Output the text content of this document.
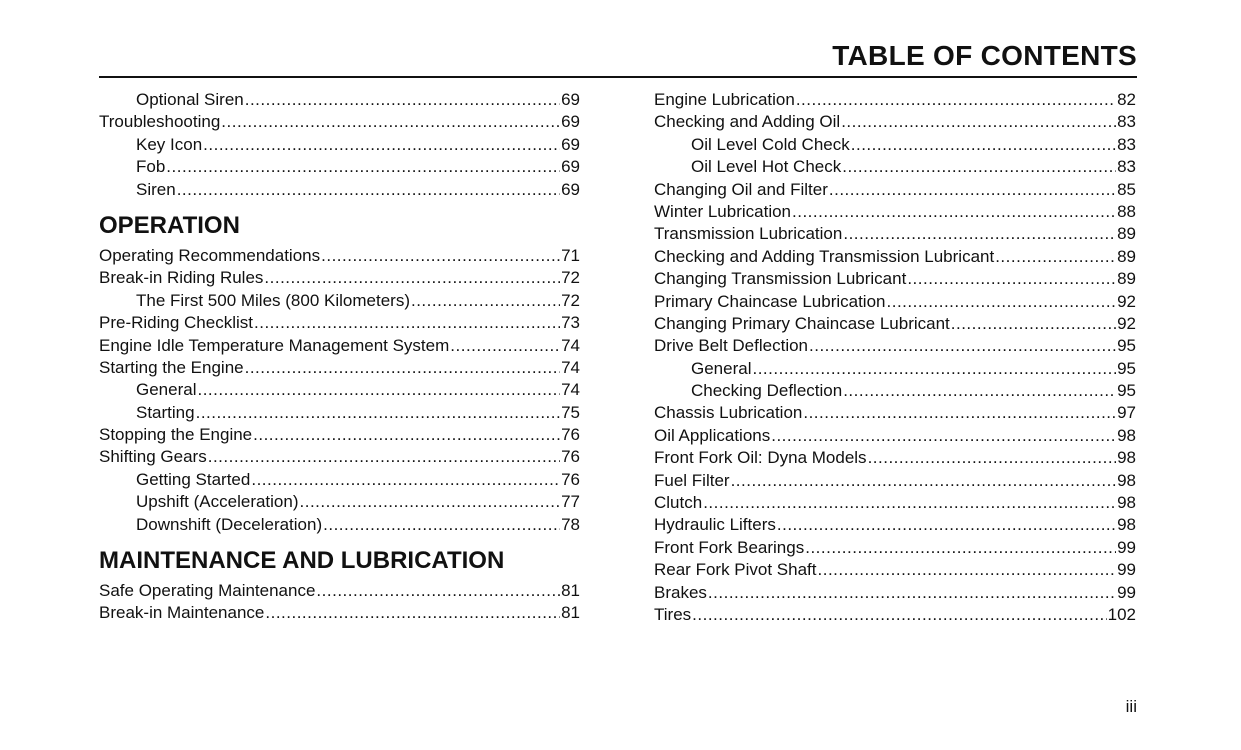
TABLE OF CONTENTS
Optional Siren .....	69
Troubleshooting .....	69
Key Icon .....	69
Fob .....	69
Siren .....	69
OPERATION
Operating Recommendations .....	71
Break-in Riding Rules .....	72
The First 500 Miles (800 Kilometers) .....	72
Pre-Riding Checklist .....	73
Engine Idle Temperature Management System .....	74
Starting the Engine .....	74
General .....	74
Starting .....	75
Stopping the Engine .....	76
Shifting Gears .....	76
Getting Started .....	76
Upshift (Acceleration) .....	77
Downshift (Deceleration) .....	78
MAINTENANCE AND LUBRICATION
Safe Operating Maintenance .....	81
Break-in Maintenance .....	81
Engine Lubrication .....	82
Checking and Adding Oil .....	83
Oil Level Cold Check .....	83
Oil Level Hot Check .....	83
Changing Oil and Filter .....	85
Winter Lubrication .....	88
Transmission Lubrication .....	89
Checking and Adding Transmission Lubricant .....	89
Changing Transmission Lubricant .....	89
Primary Chaincase Lubrication .....	92
Changing Primary Chaincase Lubricant .....	92
Drive Belt Deflection .....	95
General .....	95
Checking Deflection .....	95
Chassis Lubrication .....	97
Oil Applications .....	98
Front Fork Oil: Dyna Models .....	98
Fuel Filter .....	98
Clutch .....	98
Hydraulic Lifters .....	98
Front Fork Bearings .....	99
Rear Fork Pivot Shaft .....	99
Brakes .....	99
Tires .....	102
iii
